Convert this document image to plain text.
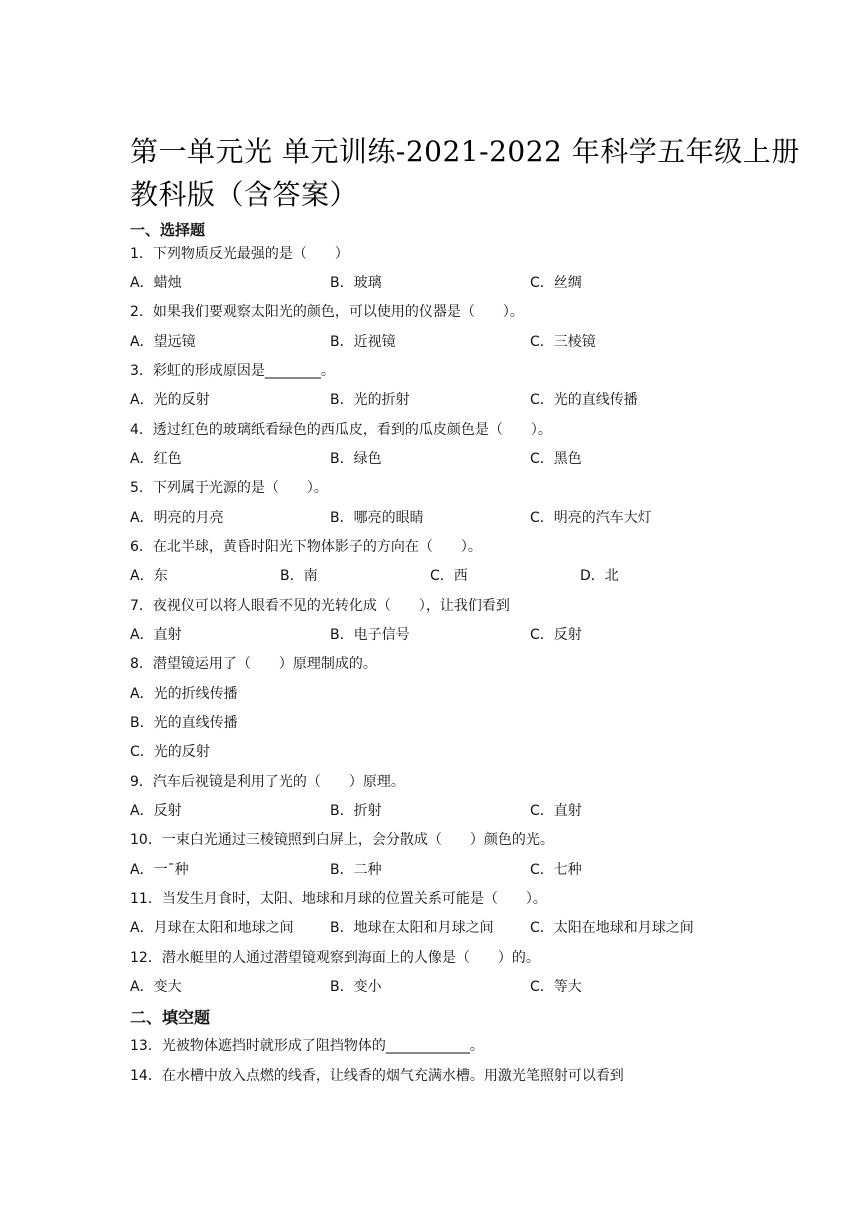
第一单元光 单元训练-2021-2022 年科学五年级上册
教科版（含答案）
一、选择题
1．下列物质反光最强的是（　　）
A．蜡烛	B．玻璃	C．丝绸
2．如果我们要观察太阳光的颜色，可以使用的仪器是（　　）。
A．望远镜	B．近视镜	C．三棱镜
3．彩虹的形成原因是________。
A．光的反射	B．光的折射	C．光的直线传播
4．透过红色的玻璃纸看绿色的西瓜皮，看到的瓜皮颜色是（　　）。
A．红色	B．绿色	C．黑色
5．下列属于光源的是（　　）。
A．明亮的月亮	B．哪亮的眼睛	C．明亮的汽车大灯
6．在北半球，黄昏时阳光下物体影子的方向在（　　）。
A．东	B．南	C．西	D．北
7．夜视仪可以将人眼看不见的光转化成（　　），让我们看到
A．直射	B．电子信号	C．反射
8．潜望镜运用了（　　）原理制成的。
A．光的折线传播
B．光的直线传播
C．光的反射
9．汽车后视镜是利用了光的（　　）原理。
A．反射	B．折射	C．直射
10．一束白光通过三棱镜照到白屏上，会分散成（　　）颜色的光。
A．一ˉ种	B．二种	C．七种
11．当发生月食时，太阳、地球和月球的位置关系可能是（　　）。
A．月球在太阳和地球之间	B．地球在太阳和月球之间	C．太阳在地球和月球之间
12．潜水艇里的人通过潜望镜观察到海面上的人像是（　　）的。
A．变大	B．变小	C．等大
二、填空题
13．光被物体遮挡时就形成了阻挡物体的____________。
14．在水槽中放入点燃的线香，让线香的烟气充满水槽。用激光笔照射可以看到
